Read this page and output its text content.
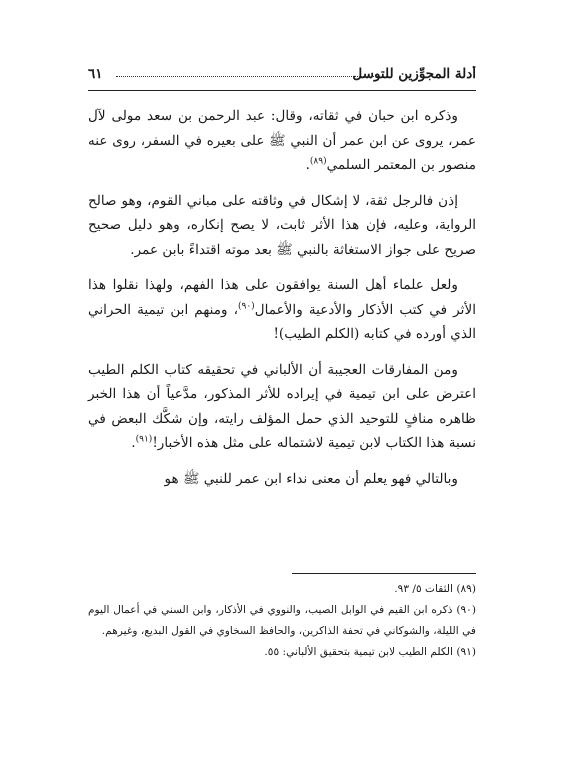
أدلة المجوِّزين للتوسل
٦١

وذكره ابن حبان في ثقاته، وقال: عبد الرحمن بن سعد مولى لآل عمر، يروى عن ابن عمر أن النبي ﷺ على بعيره في السفر، روى عنه منصور بن المعتمر السلمي$^{(٨٩)}$.

إذن فالرجل ثقة، لا إشكال في وثاقته على مباني القوم، وهو صالح الرواية، وعليه، فإن هذا الأثر ثابت، لا يصح إنكاره، وهو دليل صحيح صريح على جواز الاستغاثة بالنبي ﷺ بعد موته اقتداءً بابن عمر.

ولعل علماء أهل السنة يوافقون على هذا الفهم، ولهذا نقلوا هذا الأثر في كتب الأذكار والأدعية والأعمال$^{(٩٠)}$، ومنهم ابن تيمية الحراني الذي أورده في كتابه (الكلم الطيب)!

ومن المفارقات العجيبة أن الألباني في تحقيقه كتاب الكلم الطيب اعترض على ابن تيمية في إيراده للأثر المذكور، مدَّعياً أن هذا الخبر ظاهره منافٍ للتوحيد الذي حمل المؤلف رايته، وإن شكَّك البعض في نسبة هذا الكتاب لابن تيمية لاشتماله على مثل هذه الأخبار!$^{(٩١)}$.

وبالتالي فهو يعلم أن معنى نداء ابن عمر للنبي ﷺ هو

(٨٩) الثقات ٥/ ٩٣.

(٩٠) ذكره ابن القيم في الوابل الصيب، والنووي في الأذكار، وابن السني في أعمال اليوم في الليلة، والشوكاني في تحفة الذاكرين، والحافظ السخاوي في القول البديع، وغيرهم.

(٩١) الكلم الطيب لابن تيمية بتحقيق الألباني: ٥٥.
